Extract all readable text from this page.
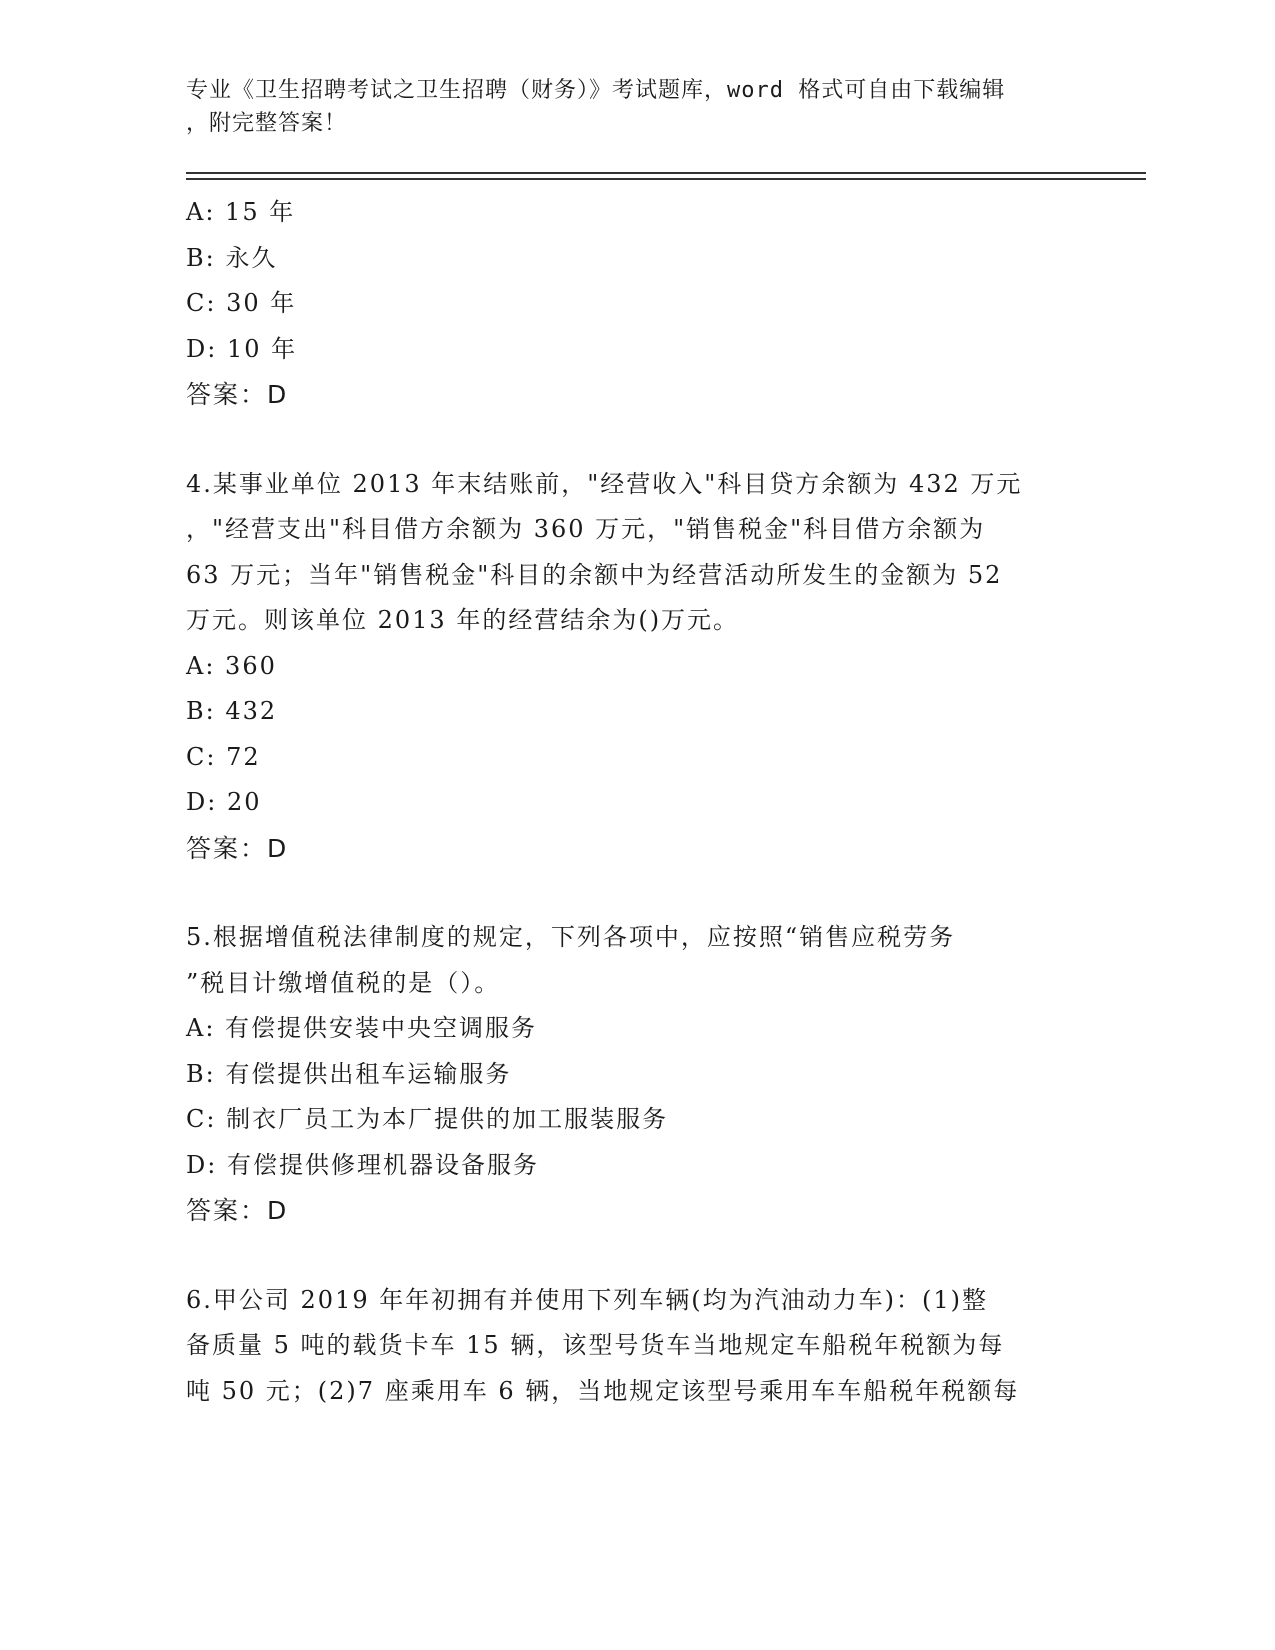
专业《卫生招聘考试之卫生招聘（财务）》考试题库，word 格式可自由下载编辑
，附完整答案！
A: 15 年
B: 永久
C: 30 年
D: 10 年
答案：D
4.某事业单位 2013 年末结账前，"经营收入"科目贷方余额为 432 万元
，"经营支出"科目借方余额为 360 万元，"销售税金"科目借方余额为
63 万元；当年"销售税金"科目的余额中为经营活动所发生的金额为 52
万元。则该单位 2013 年的经营结余为()万元。
A: 360
B: 432
C: 72
D: 20
答案：D
5.根据增值税法律制度的规定，下列各项中，应按照“销售应税劳务
”税目计缴增值税的是（）。
A: 有偿提供安装中央空调服务
B: 有偿提供出租车运输服务
C: 制衣厂员工为本厂提供的加工服装服务
D: 有偿提供修理机器设备服务
答案：D
6.甲公司 2019 年年初拥有并使用下列车辆(均为汽油动力车)：(1)整
备质量 5 吨的载货卡车 15 辆，该型号货车当地规定车船税年税额为每
吨 50 元；(2)7 座乘用车 6 辆，当地规定该型号乘用车车船税年税额每
